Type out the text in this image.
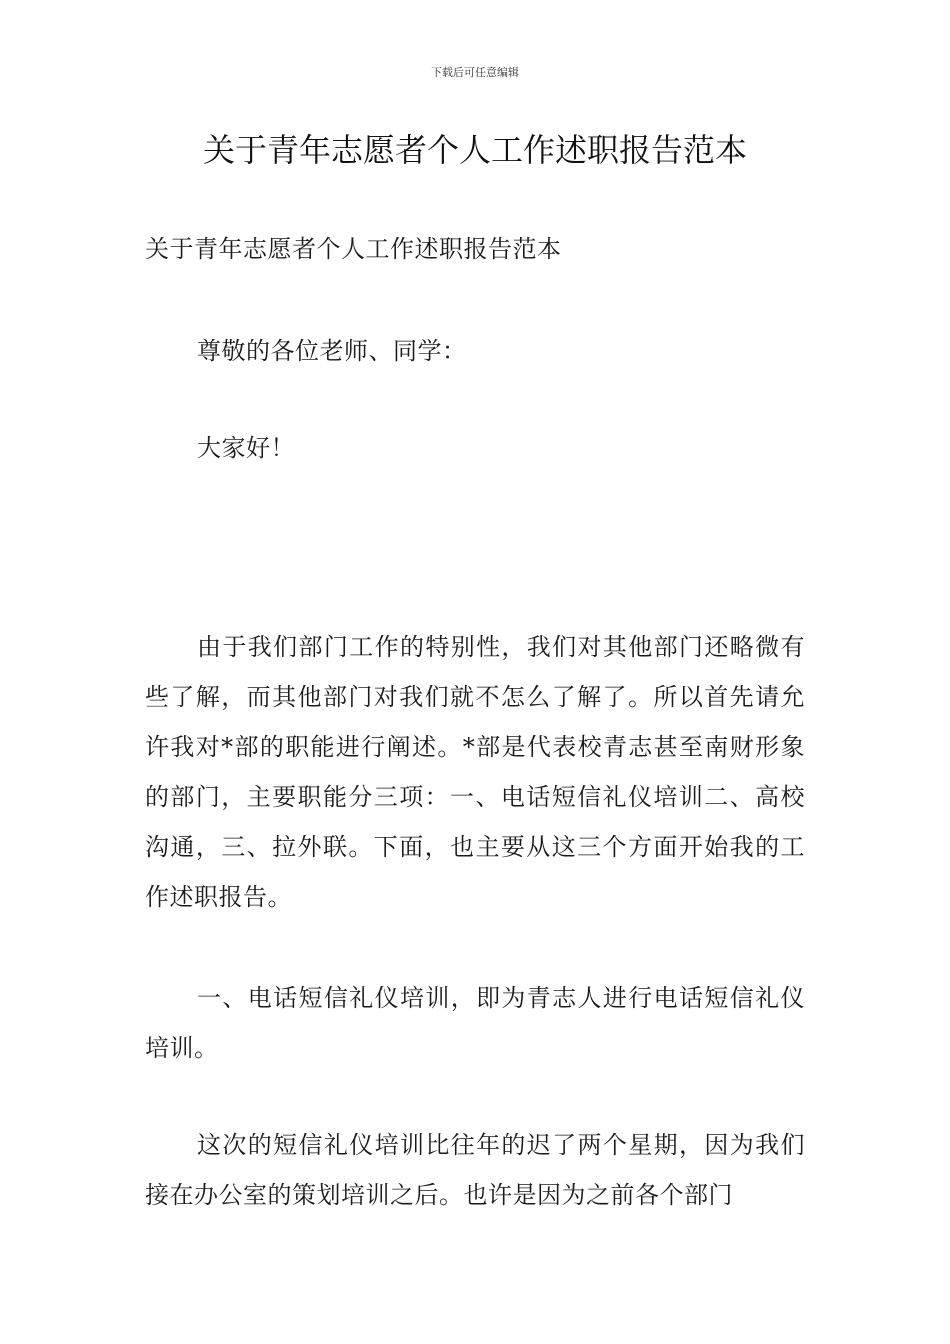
下载后可任意编辑
关于青年志愿者个人工作述职报告范本

关于青年志愿者个人工作述职报告范本

尊敬的各位老师、同学：

大家好！

由于我们部门工作的特别性，我们对其他部门还略微有些了解，而其他部门对我们就不怎么了解了。所以首先请允许我对*部的职能进行阐述。*部是代表校青志甚至南财形象的部门，主要职能分三项：一、电话短信礼仪培训二、高校沟通，三、拉外联。下面，也主要从这三个方面开始我的工作述职报告。

一、电话短信礼仪培训，即为青志人进行电话短信礼仪培训。

这次的短信礼仪培训比往年的迟了两个星期，因为我们接在办公室的策划培训之后。也许是因为之前各个部门
